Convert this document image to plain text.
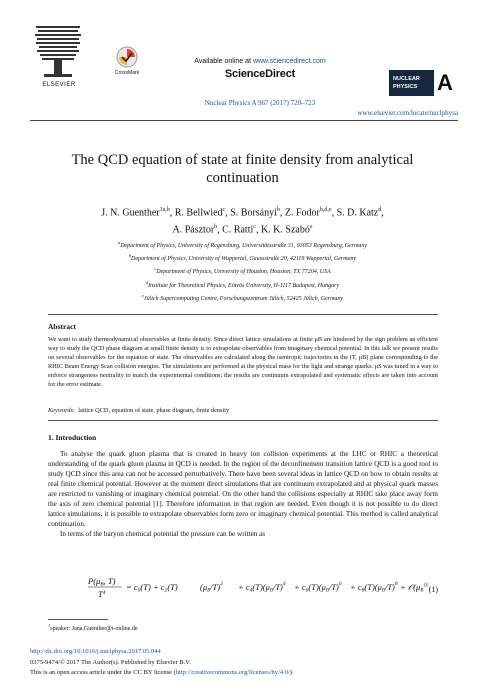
ELSEVIER
CrossMark
Available online at www.sciencedirect.com
ScienceDirect
Nuclear Physics A 967 (2017) 720–723
NUCLEAR
PHYSICS A
www.elsevier.com/locate/nuclphysa
The QCD equation of state at finite density from analytical
continuation
J. N. Guenther$^{1a,b}$, R. Bellwied$^c$, S. Borsányi$^b$, Z. Fodor$^{b,d,e}$, S. D. Katz$^d$,
A. Pásztor$^b$, C. Ratti$^c$, K. K. Szabó$^e$
$^a$Department of Physics, University of Regensburg, Universitätsstraße 31, 93053 Regensburg, Germany
$^b$Department of Physics, University of Wuppertal, Gaussstraße 20, 42119 Wuppertal, Germany
$^c$Department of Physics, University of Houston, Houston, TX 77204, USA
$^d$Institute for Theoretical Physics, Eötvös University, H-1117 Budapest, Hungary
$^e$Jülich Supercomputing Centre, Forschungszentrum Jülich, 52425 Jülich, Germany
Abstract
We want to study thermodynamical observables at finite density. Since direct lattice simulations at finite μB are hindered by the sign problem an efficient way to study the QCD phase diagram at small finite density is to extrapolate observables from imaginary chemical potential. In this talk we present results on several observables for the equation of state. The observables are calculated along the isentropic trajectories in the (T, μB) plane corresponding to the RHIC Beam Energy Scan collision energies. The simulations are performed at the physical mass for the light and strange quarks. μS was tuned in a way to enforce strangeness neutrality to match the experimental conditions; the results are continuum extrapolated and systematic effects are taken into account for the error estimate.
Keywords: lattice QCD, equation of state, phase diagram, finite density
1. Introduction

To analyse the quark gluon plasma that is created in heavy ion collision experiments at the LHC or RHIC a theoretical understanding of the quark gluon plasma in QCD is needed. In the region of the deconfinement transition lattice QCD is a good tool to study QCD since this area can not be accessed perturbatively. There have been several ideas in lattice QCD on how to obtain results at real finite chemical potential. However at the moment direct simulations that are continuum extrapolated and at physical quark masses are restricted to vanishing or imaginary chemical potential. On the other hand the collisions especially at RHIC take place away form the axis of zero chemical potential [1]. Therefore information in that region are needed. Even though it is not possible to do direct lattice simulations, it is possible to extrapolate observables form zero or imaginary chemical potential. This method is called analytical continuation.

In terms of the baryon chemical potential the pressure can be written as

P(μB, T)
$T^4$
= c0(T) + c2(T)	$(\mu B/T)^2 + c4(T)(\mu B/T)^4 + c6(T)(\mu B/T)^6 + c8(T)(\mu B/T)^8$ + $𝒪(\mu B^{10}$ (1)
$^1$speaker: Jana.Guenther@t-online.de
http://dx.doi.org/10.1016/j.nuclphysa.2017.05.044
0375-9474/© 2017 The Author(s). Published by Elsevier B.V.
This is an open access article under the CC BY license (http://creativecommons.org/licenses/by/4.0/).
